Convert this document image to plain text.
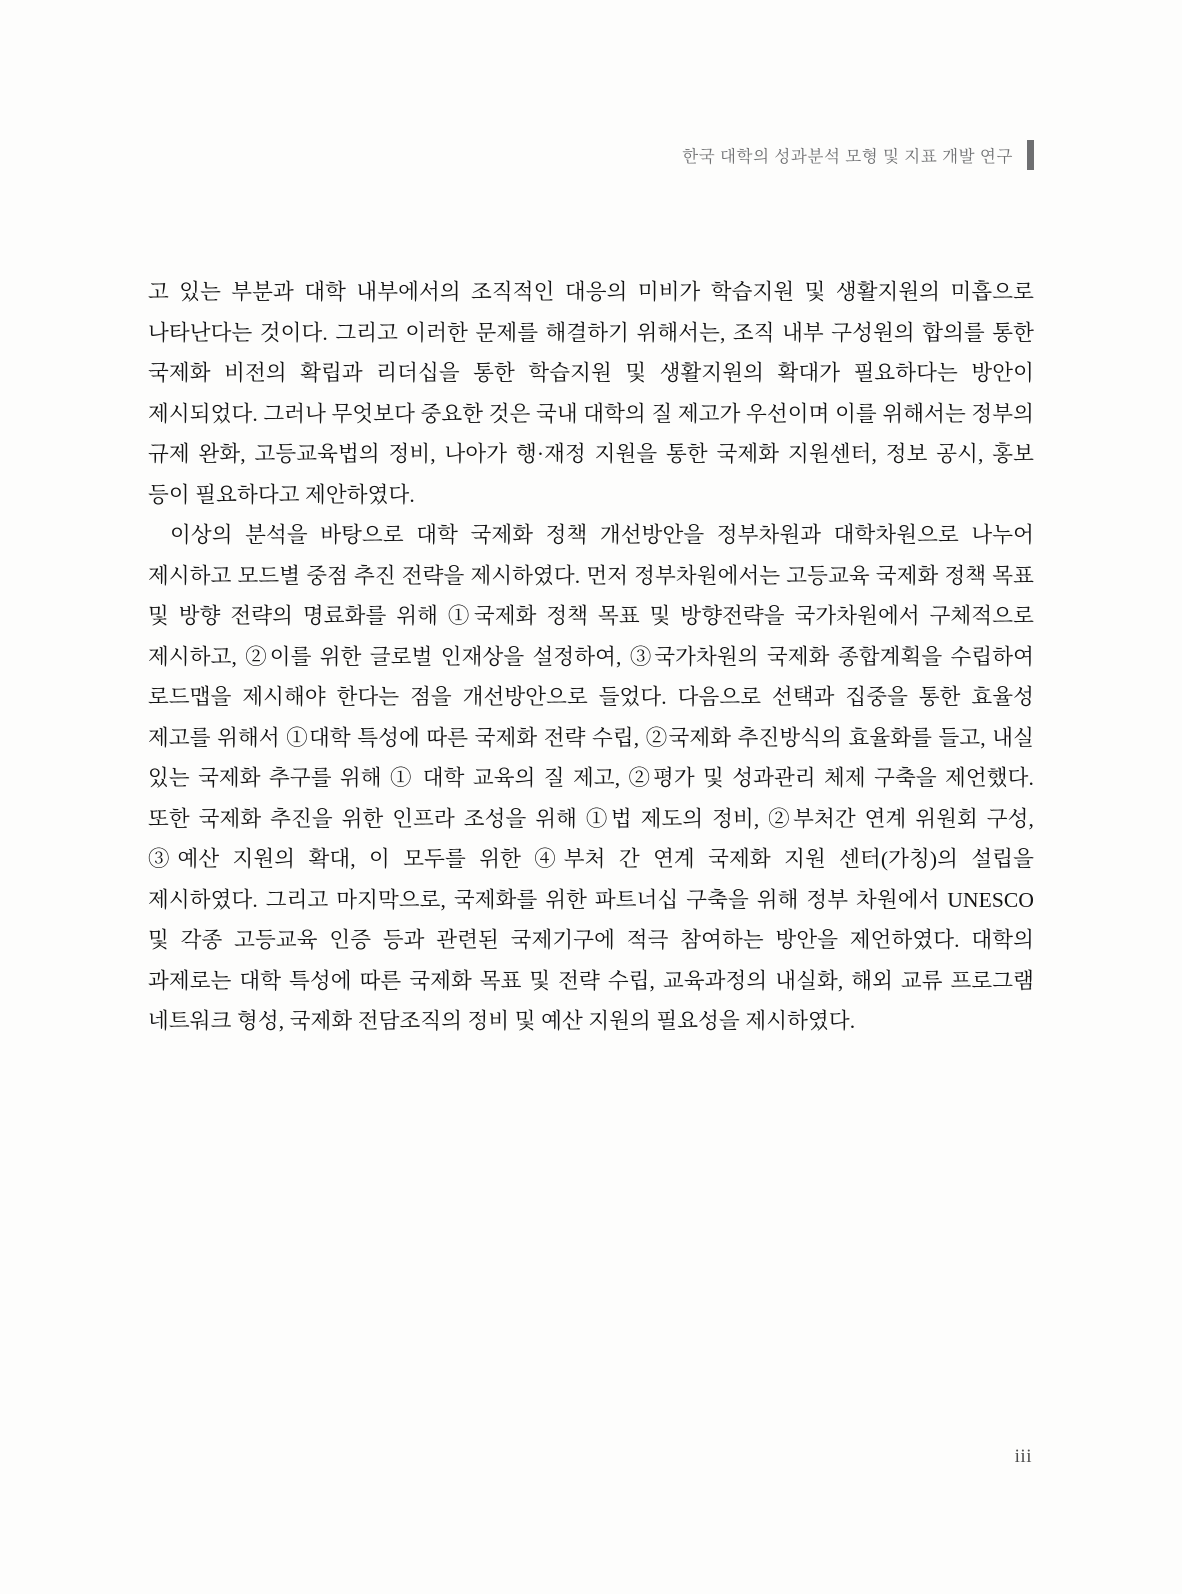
한국 대학의 성과분석 모형 및 지표 개발 연구

고 있는 부분과 대학 내부에서의 조직적인 대응의 미비가 학습지원 및 생활지원의 미흡으로 나타난다는 것이다. 그리고 이러한 문제를 해결하기 위해서는, 조직 내부 구성원의 합의를 통한 국제화 비전의 확립과 리더십을 통한 학습지원 및 생활지원의 확대가 필요하다는 방안이 제시되었다. 그러나 무엇보다 중요한 것은 국내 대학의 질 제고가 우선이며 이를 위해서는 정부의 규제 완화, 고등교육법의 정비, 나아가 행·재정 지원을 통한 국제화 지원센터, 정보 공시, 홍보 등이 필요하다고 제안하였다.

이상의 분석을 바탕으로 대학 국제화 정책 개선방안을 정부차원과 대학차원으로 나누어 제시하고 모드별 중점 추진 전략을 제시하였다. 먼저 정부차원에서는 고등교육 국제화 정책 목표 및 방향 전략의 명료화를 위해 ①국제화 정책 목표 및 방향전략을 국가차원에서 구체적으로 제시하고, ②이를 위한 글로벌 인재상을 설정하여, ③국가차원의 국제화 종합계획을 수립하여 로드맵을 제시해야 한다는 점을 개선방안으로 들었다. 다음으로 선택과 집중을 통한 효율성 제고를 위해서 ①대학 특성에 따른 국제화 전략 수립, ②국제화 추진방식의 효율화를 들고, 내실 있는 국제화 추구를 위해 ① 대학 교육의 질 제고, ②평가 및 성과관리 체제 구축을 제언했다. 또한 국제화 추진을 위한 인프라 조성을 위해 ①법 제도의 정비, ②부처간 연계 위원회 구성, ③예산 지원의 확대, 이 모두를 위한 ④부처 간 연계 국제화 지원 센터(가칭)의 설립을 제시하였다. 그리고 마지막으로, 국제화를 위한 파트너십 구축을 위해 정부 차원에서 UNESCO 및 각종 고등교육 인증 등과 관련된 국제기구에 적극 참여하는 방안을 제언하였다. 대학의 과제로는 대학 특성에 따른 국제화 목표 및 전략 수립, 교육과정의 내실화, 해외 교류 프로그램 네트워크 형성, 국제화 전담조직의 정비 및 예산 지원의 필요성을 제시하였다.

iii
